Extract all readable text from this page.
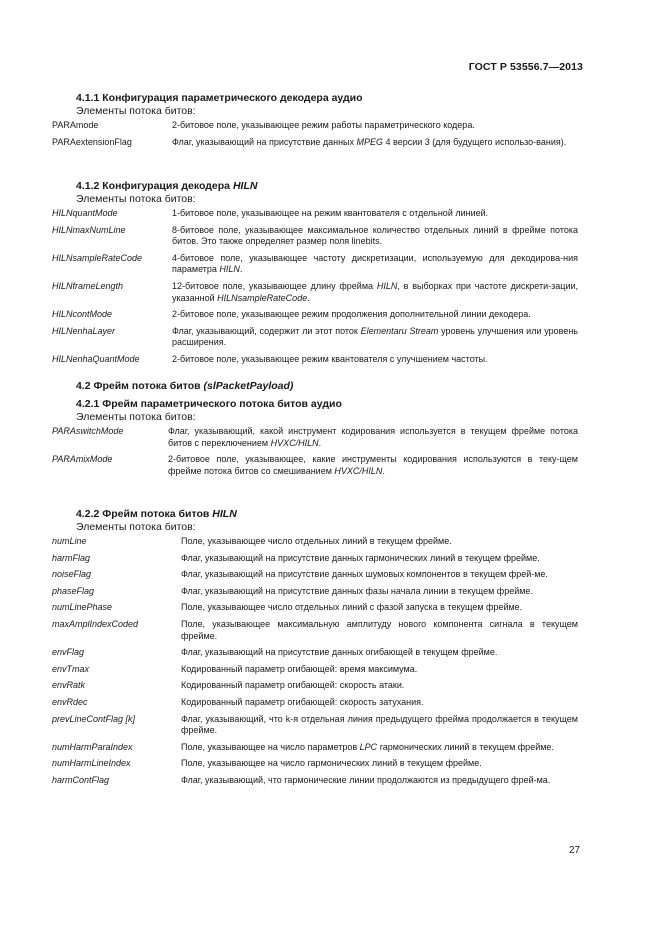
ГОСТ Р 53556.7—2013
4.1.1 Конфигурация параметрического декодера аудио
Элементы потока битов:
PARAmode	2-битовое поле, указывающее режим работы параметрического кодера.
PARAextensionFlag	Флаг, указывающий на присутствие данных MPEG 4 версии 3 (для будущего использо-вания).
4.1.2 Конфигурация декодера HILN
Элементы потока битов:
HILNquantMode	1-битовое поле, указывающее на режим квантователя с отдельной линией.
HILNmaxNumLine	8-битовое поле, указывающее максимальное количество отдельных линий в фрейме потока битов. Это также определяет размер поля linebits.
HILNsampleRateCode	4-битовое поле, указывающее частоту дискретизации, используемую для декодирова-ния параметра HILN.
HILNframeLength	12-битовое поле, указывающее длину фрейма HILN, в выборках при частоте дискрети-зации, указанной HILNsampleRateCode.
HILNcontMode	2-битовое поле, указывающее режим продолжения дополнительной линии декодера.
HILNenhaLayer	Флаг, указывающий, содержит ли этот поток Elementaru Stream уровень улучшения или уровень расширения.
HILNenhaQuantMode	2-битовое поле, указывающее режим квантователя с улучшением частоты.
4.2 Фрейм потока битов (slPacketPayload)
4.2.1 Фрейм параметрического потока битов аудио
Элементы потока битов:
PARAswitchMode	Флаг, указывающий, какой инструмент кодирования используется в текущем фрейме потока битов с переключением HVXC/HILN.
PARAmixMode	2-битовое поле, указывающее, какие инструменты кодирования используются в теку-щем фрейме потока битов со смешиванием HVXC/HILN.
4.2.2 Фрейм потока битов HILN
Элементы потока битов:
numLine	Поле, указывающее число отдельных линий в текущем фрейме.
harmFlag	Флаг, указывающий на присутствие данных гармонических линий в текущем фрейме.
noiseFlag	Флаг, указывающий на присутствие данных шумовых компонентов в текущем фрей-ме.
phaseFlag	Флаг, указывающий на присутствие данных фазы начала линии в текущем фрейме.
numLinePhase	Поле, указывающее число отдельных линий с фазой запуска в текущем фрейме.
maxAmplIndexCoded	Поле, указывающее максимальную амплитуду нового компонента сигнала в текущем фрейме.
envFlag	Флаг, указывающий на присутствие данных огибающей в текущем фрейме.
envTmax	Кодированный параметр огибающей: время максимума.
envRatk	Кодированный параметр огибающей: скорость атаки.
envRdec	Кодированный параметр огибающей: скорость затухания.
prevLineContFlag [k]	Флаг, указывающий, что k-я отдельная линия предыдущего фрейма продолжается в текущем фрейме.
numHarmParaIndex	Поле, указывающее на число параметров LPC гармонических линий в текущем фрейме.
numHarmLineIndex	Поле, указывающее на число гармонических линий в текущем фрейме.
harmContFlag	Флаг, указывающий, что гармонические линии продолжаются из предыдущего фрей-ма.
27
